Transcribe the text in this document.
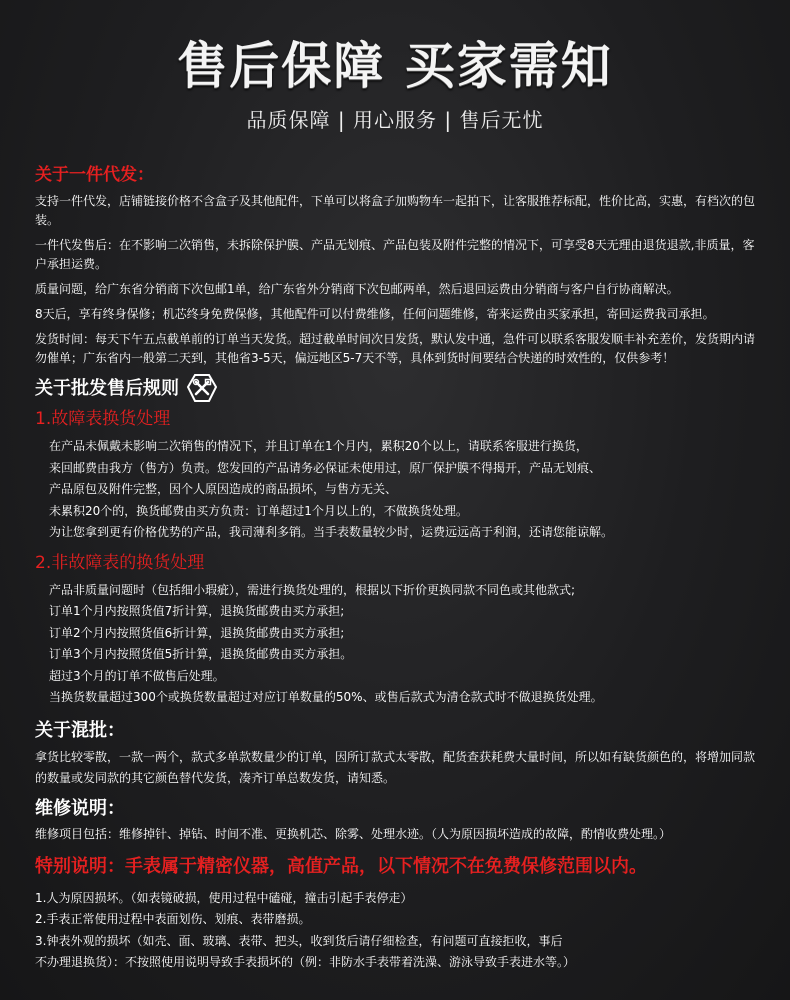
售后保障 买家需知
品质保障 | 用心服务 | 售后无忧
关于一件代发：
支持一件代发，店铺链接价格不含盒子及其他配件，下单可以将盒子加购物车一起拍下，让客服推荐标配，性价比高，实惠，有档次的包装。
一件代发售后：在不影响二次销售，未拆除保护膜、产品无划痕、产品包装及附件完整的情况下，可享受8天无理由退货退款,非质量，客户承担运费。
质量问题，给广东省分销商下次包邮1单，给广东省外分销商下次包邮两单，然后退回运费由分销商与客户自行协商解决。
8天后，享有终身保修；机芯终身免费保修，其他配件可以付费维修，任何问题维修，寄来运费由买家承担，寄回运费我司承担。
发货时间：每天下午五点截单前的订单当天发货。超过截单时间次日发货，默认发中通，急件可以联系客服发顺丰补充差价，发货期内请勿催单；广东省内一般第二天到，其他省3-5天，偏远地区5-7天不等，具体到货时间要结合快递的时效性的，仅供参考！
关于批发售后规则
1.故障表换货处理
在产品未佩戴未影响二次销售的情况下，并且订单在1个月内，累积20个以上，请联系客服进行换货，
来回邮费由我方（售方）负责。您发回的产品请务必保证未使用过，原厂保护膜不得揭开，产品无划痕、
产品原包及附件完整，因个人原因造成的商品损坏，与售方无关、
未累积20个的，换货邮费由买方负责：订单超过1个月以上的，不做换货处理。
为让您拿到更有价格优势的产品，我司薄利多销。当手表数量较少时，运费远远高于利润，还请您能谅解。
2.非故障表的换货处理
产品非质量问题时（包括细小瑕疵），需进行换货处理的，根据以下折价更换同款不同色或其他款式;
订单1个月内按照货值7折计算，退换货邮费由买方承担;
订单2个月内按照货值6折计算，退换货邮费由买方承担;
订单3个月内按照货值5折计算，退换货邮费由买方承担。
超过3个月的订单不做售后处理。
当换货数量超过300个或换货数量超过对应订单数量的50%、或售后款式为清仓款式时不做退换货处理。
关于混批：
拿货比较零散，一款一两个，款式多单款数量少的订单，因所订款式太零散，配货查获耗费大量时间，所以如有缺货颜色的，将增加同款的数量或发同款的其它颜色替代发货，凑齐订单总数发货，请知悉。
维修说明：
维修项目包括：维修掉针、掉钻、时间不准、更换机芯、除雾、处理水迹。（人为原因损坏造成的故障，酌情收费处理。）
特别说明：手表属于精密仪器，高值产品，以下情况不在免费保修范围以内。
1.人为原因损坏。（如表镜破损，使用过程中磕碰，撞击引起手表停走）
2.手表正常使用过程中表面划伤、划痕、表带磨损。
3.钟表外观的损坏（如壳、面、玻璃、表带、把头，收到货后请仔细检查，有问题可直接拒收，事后
不办理退换货）：不按照使用说明导致手表损坏的（例：非防水手表带着洗澡、游泳导致手表进水等。）
